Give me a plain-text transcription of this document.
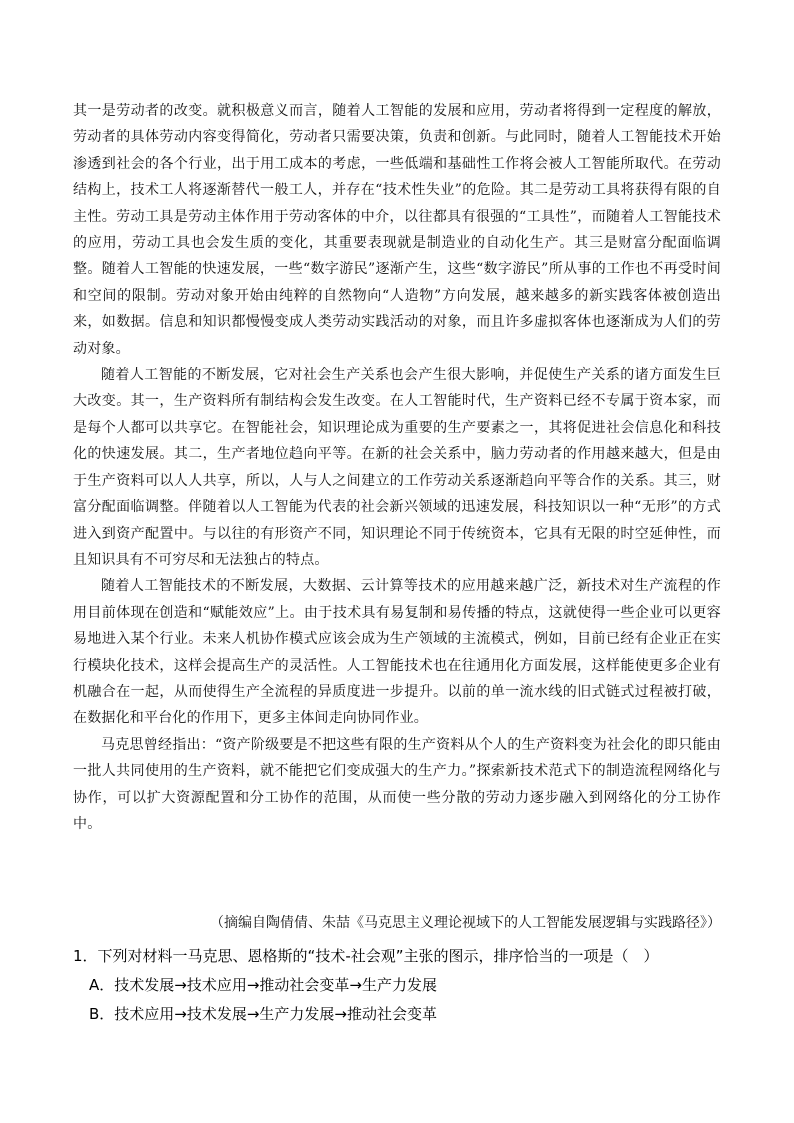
其一是劳动者的改变。就积极意义而言，随着人工智能的发展和应用，劳动者将得到一定程度的解放，劳动者的具体劳动内容变得简化，劳动者只需要决策，负责和创新。与此同时，随着人工智能技术开始渗透到社会的各个行业，出于用工成本的考虑，一些低端和基础性工作将会被人工智能所取代。在劳动结构上，技术工人将逐渐替代一般工人，并存在“技术性失业”的危险。其二是劳动工具将获得有限的自主性。劳动工具是劳动主体作用于劳动客体的中介，以往都具有很强的“工具性”，而随着人工智能技术的应用，劳动工具也会发生质的变化，其重要表现就是制造业的自动化生产。其三是财富分配面临调整。随着人工智能的快速发展，一些“数字游民”逐渐产生，这些“数字游民”所从事的工作也不再受时间和空间的限制。劳动对象开始由纯粹的自然物向“人造物”方向发展，越来越多的新实践客体被创造出来，如数据。信息和知识都慢慢变成人类劳动实践活动的对象，而且许多虚拟客体也逐渐成为人们的劳动对象。

随着人工智能的不断发展，它对社会生产关系也会产生很大影响，并促使生产关系的诸方面发生巨大改变。其一，生产资料所有制结构会发生改变。在人工智能时代，生产资料已经不专属于资本家，而是每个人都可以共享它。在智能社会，知识理论成为重要的生产要素之一，其将促进社会信息化和科技化的快速发展。其二，生产者地位趋向平等。在新的社会关系中，脑力劳动者的作用越来越大，但是由于生产资料可以人人共享，所以，人与人之间建立的工作劳动关系逐渐趋向平等合作的关系。其三，财富分配面临调整。伴随着以人工智能为代表的社会新兴领域的迅速发展，科技知识以一种“无形”的方式进入到资产配置中。与以往的有形资产不同，知识理论不同于传统资本，它具有无限的时空延伸性，而且知识具有不可穷尽和无法独占的特点。

随着人工智能技术的不断发展，大数据、云计算等技术的应用越来越广泛，新技术对生产流程的作用目前体现在创造和“赋能效应”上。由于技术具有易复制和易传播的特点，这就使得一些企业可以更容易地进入某个行业。未来人机协作模式应该会成为生产领域的主流模式，例如，目前已经有企业正在实行模块化技术，这样会提高生产的灵活性。人工智能技术也在往通用化方面发展，这样能使更多企业有机融合在一起，从而使得生产全流程的异质度进一步提升。以前的单一流水线的旧式链式过程被打破，在数据化和平台化的作用下，更多主体间走向协同作业。

马克思曾经指出：“资产阶级要是不把这些有限的生产资料从个人的生产资料变为社会化的即只能由一批人共同使用的生产资料，就不能把它们变成强大的生产力。”探索新技术范式下的制造流程网络化与协作，可以扩大资源配置和分工协作的范围，从而使一些分散的劳动力逐步融入到网络化的分工协作中。

（摘编自陶倩倩、朱喆《马克思主义理论视域下的人工智能发展逻辑与实践路径》）

1．下列对材料一马克思、恩格斯的“技术-社会观”主张的图示，排序恰当的一项是（　）

A．技术发展→技术应用→推动社会变革→生产力发展

B．技术应用→技术发展→生产力发展→推动社会变革
